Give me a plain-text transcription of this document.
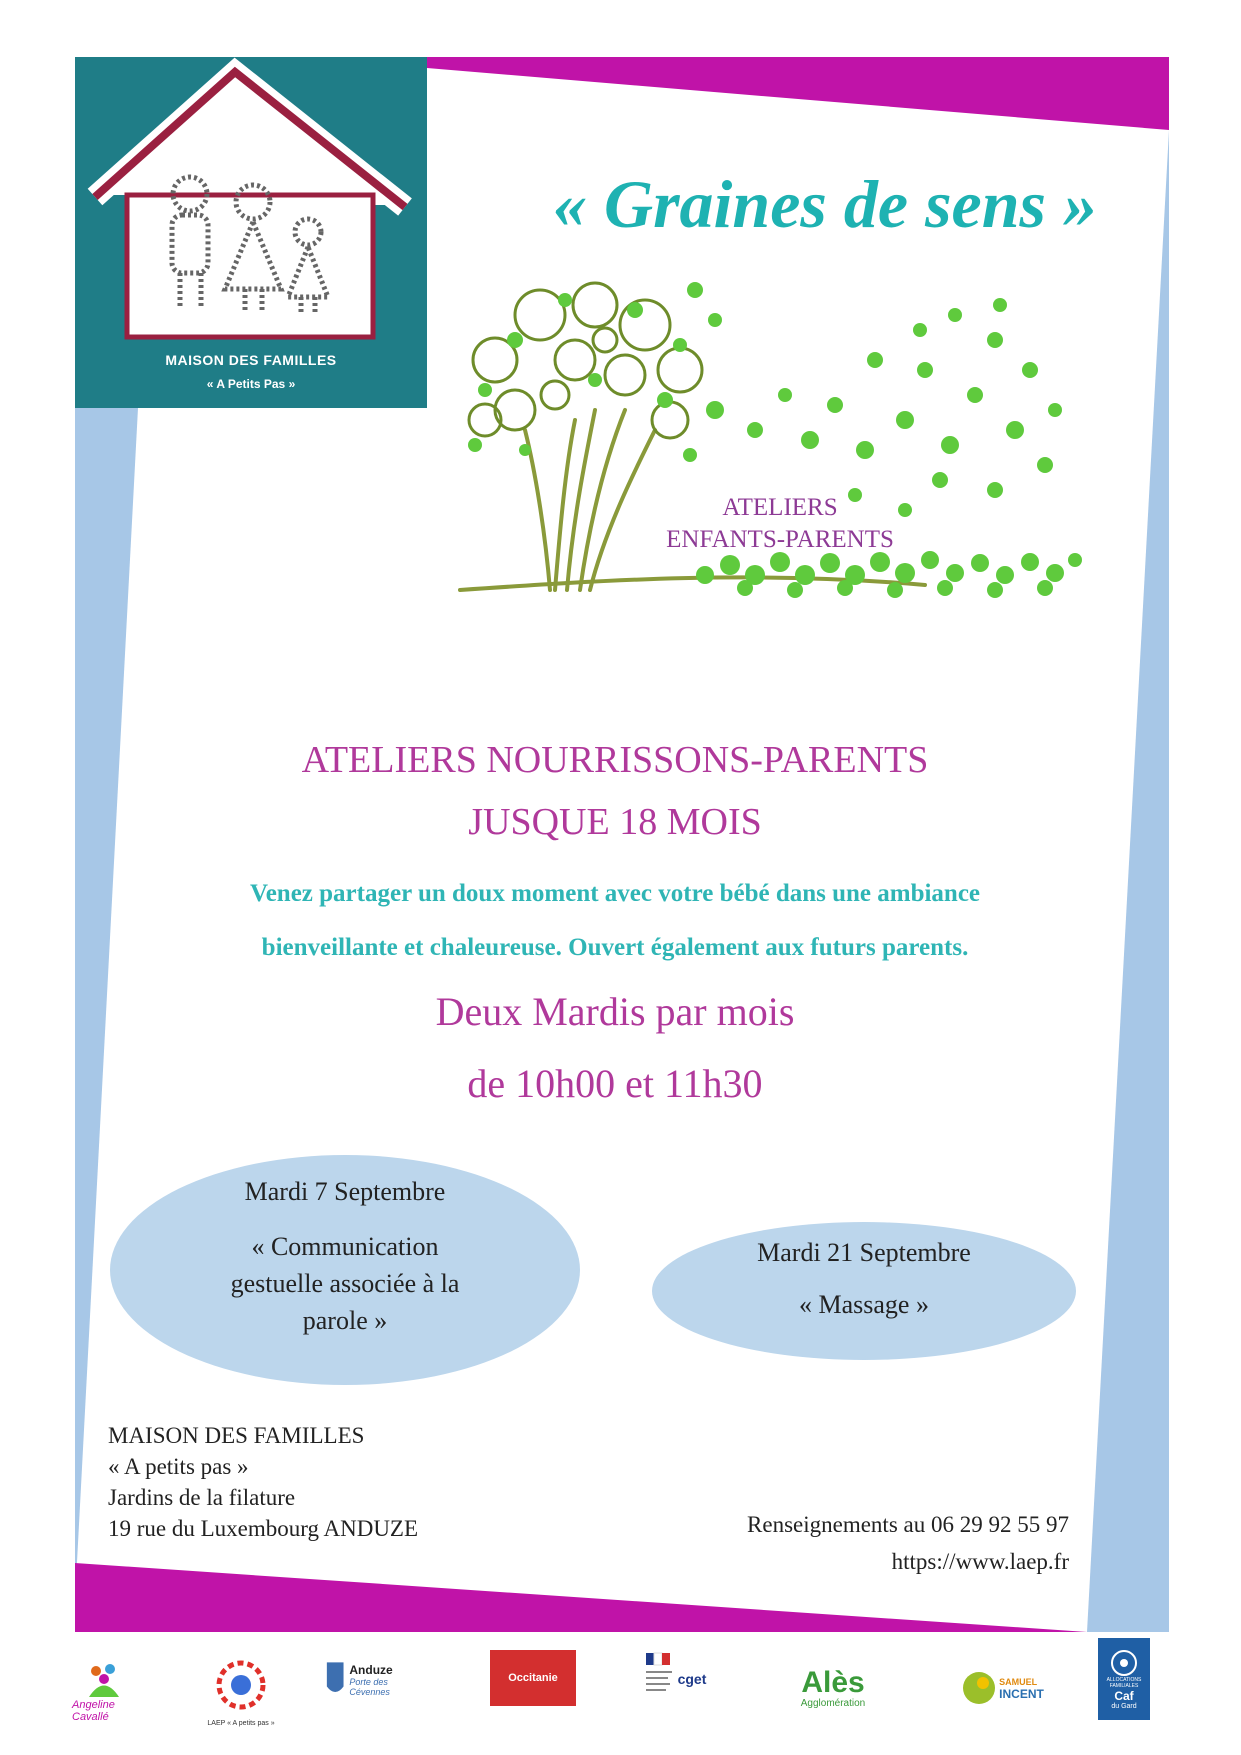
MAISON DES FAMILLES
« A Petits Pas »
« Graines de sens »
ATELIERS
ENFANTS-PARENTS
ATELIERS NOURRISSONS-PARENTS
JUSQUE 18 MOIS
Venez partager un doux moment avec votre bébé dans une ambiance
bienveillante et chaleureuse. Ouvert également aux futurs parents.
Deux Mardis par mois
de 10h00 et 11h30
Mardi 7 Septembre
« Communication
gestuelle associée à la
parole »
Mardi 21 Septembre
« Massage »
MAISON DES FAMILLES
« A petits pas »
Jardins de la filature
19 rue du Luxembourg ANDUZE	Renseignements au 06 29 92 55 97
https://www.laep.fr
Angeline Cavallé	LAEP « A petits pas »
Anduze
Porte des Cévennes
Occitanie	cget	Alès
Agglomération
SAMUEL
INCENT
ALLOCATIONS
FAMILIALES
Caf
du Gard
